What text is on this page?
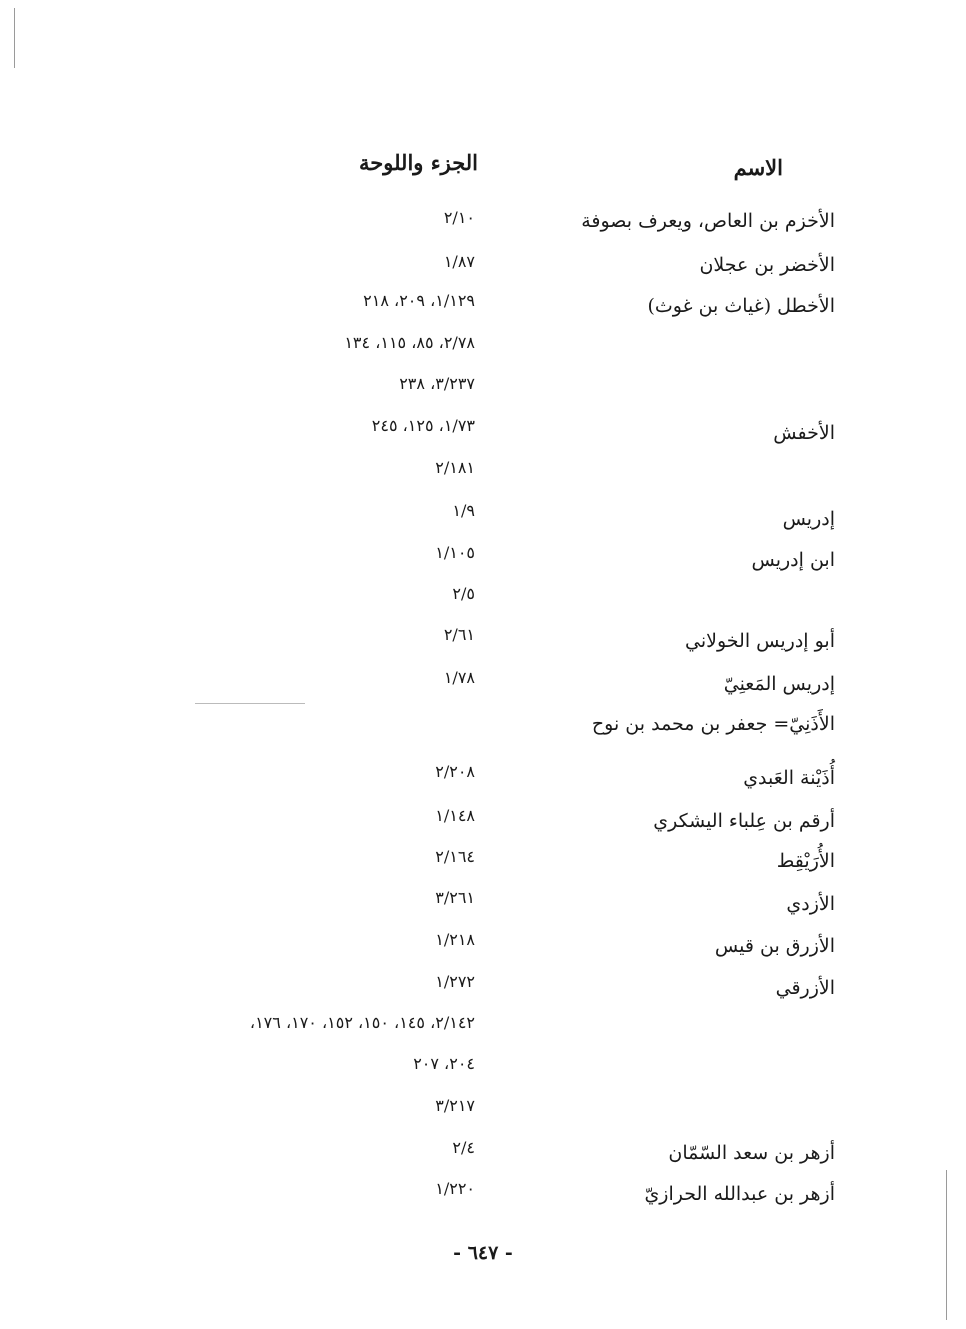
الاسم
الجزء واللوحة
الأخزم بن العاص، ويعرف بصوفة
٢/١٠
الأخضر بن عجلان
١/٨٧
الأخطل (غياث بن غوث)
١/١٢٩، ٢٠٩، ٢١٨
٢/٧٨، ٨٥، ١١٥، ١٣٤
٣/٢٣٧، ٢٣٨
الأخفش
١/٧٣، ١٢٥، ٢٤٥
٢/١٨١
إدريس
١/٩
ابن إدريس
١/١٠٥
٢/٥
أبو إدريس الخولاني
٢/٦١
إدريس المَعنِيّ
١/٧٨
الأَذَنِيّ= جعفر بن محمد بن نوح
أُذَيْنة العَبدي
٢/٢٠٨
أرقم بن عِلباء اليشكري
١/١٤٨
الأُرَيْقِط
٢/١٦٤
الأزدي
٣/٢٦١
الأزرق بن قيس
١/٢١٨
الأزرقي
١/٢٧٢
٢/١٤٢، ١٤٥، ١٥٠، ١٥٢، ١٧٠، ١٧٦،
٢٠٤، ٢٠٧
٣/٢١٧
أزهر بن سعد السّمّان
٢/٤
أزهر بن عبدالله الحرازيّ
١/٢٢٠
- ٦٤٧ -
